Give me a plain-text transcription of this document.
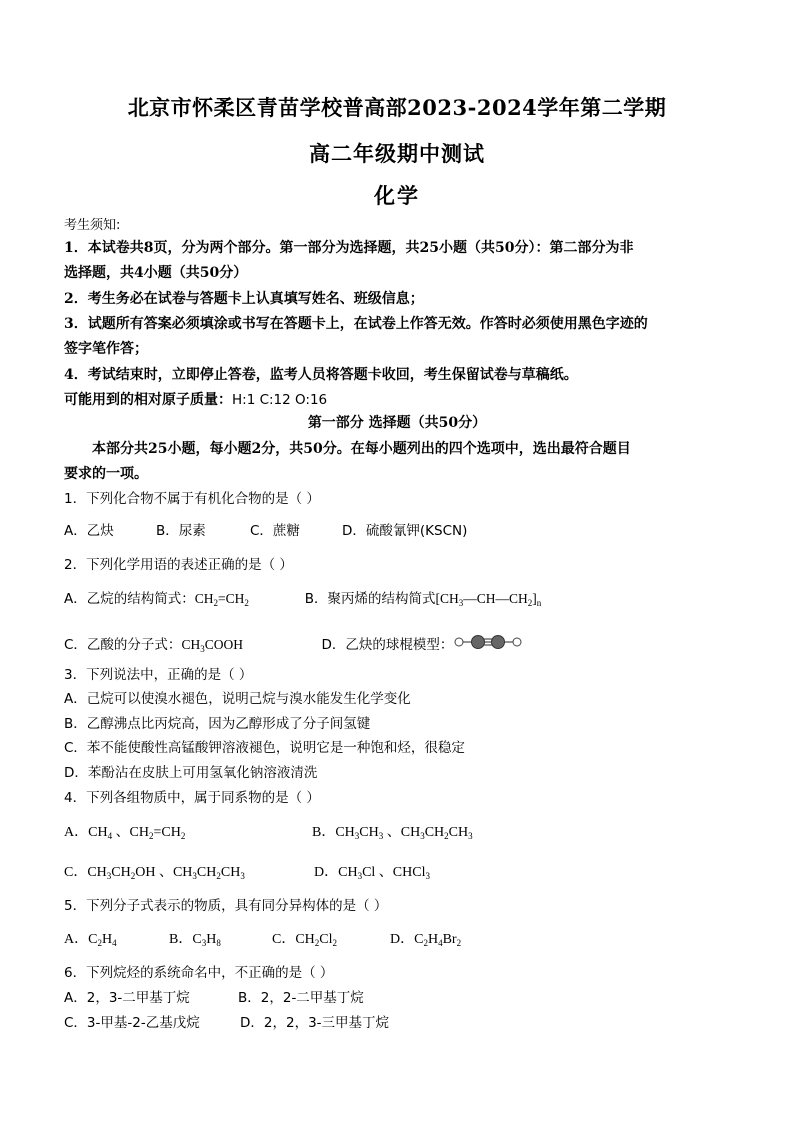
北京市怀柔区青苗学校普高部2023-2024学年第二学期
高二年级期中测试
化学
考生须知:
1．本试卷共8页，分为两个部分。第一部分为选择题，共25小题（共50分）：第二部分为非
选择题，共4小题（共50分）
2．考生务必在试卷与答题卡上认真填写姓名、班级信息；
3．试题所有答案必须填涂或书写在答题卡上，在试卷上作答无效。作答时必须使用黑色字迹的
签字笔作答；
4．考试结束时，立即停止答卷，监考人员将答题卡收回，考生保留试卷与草稿纸。
可能用到的相对原子质量：H:1 C:12 O:16
第一部分 选择题（共50分）
本部分共25小题，每小题2分，共50分。在每小题列出的四个选项中，选出最符合题目
要求的一项。
1．下列化合物不属于有机化合物的是（ ）
A．乙炔	B．尿素	C．蔗糖	D．硫酸氰钾(KSCN)
2．下列化学用语的表述正确的是（ ）
A．乙烷的结构简式：$CH_2=CH_2$	B．聚丙烯的结构简式$[CH_3—CH—CH_2]_n$
C．乙酸的分子式：$CH_3COOH$	D．乙炔的球棍模型：
3．下列说法中，正确的是（ ）
A．己烷可以使溴水褪色，说明己烷与溴水能发生化学变化
B．乙醇沸点比丙烷高，因为乙醇形成了分子间氢键
C．苯不能使酸性高锰酸钾溶液褪色，说明它是一种饱和烃，很稳定
D．苯酚沾在皮肤上可用氢氧化钠溶液清洗
4．下列各组物质中，属于同系物的是（ ）
A．$CH_4$ 、$CH_2=CH_2$	B．$CH_3CH_3$ 、$CH_3CH_2CH_3$
C．$CH_3CH_2OH$ 、$CH_3CH_2CH_3$	D．$CH_3Cl$ 、CHCl$_3$
5．下列分子式表示的物质，具有同分异构体的是（ ）
A．$C_2H_4$	B．$C_3H_8$	C．$CH_2Cl_2$	D．$C_2H_4Br_2$
6．下列烷烃的系统命名中，不正确的是（ ）
A．2，3-二甲基丁烷	B．2，2-二甲基丁烷
C．3-甲基-2-乙基戊烷	D．2，2，3-三甲基丁烷
